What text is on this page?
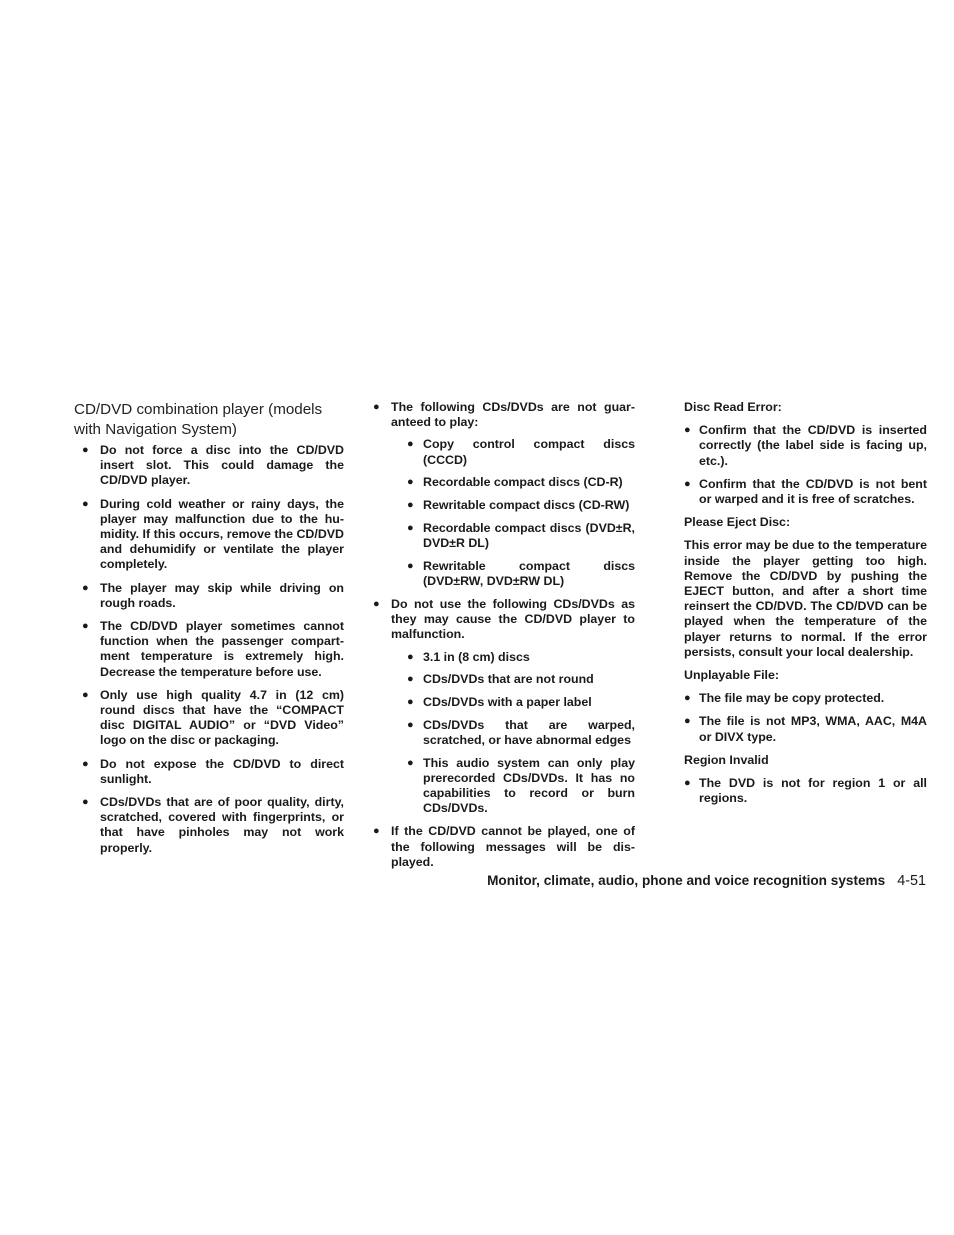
CD/DVD combination player (models with Navigation System)
● Do not force a disc into the CD/DVD insert slot. This could damage the CD/DVD player.
● During cold weather or rainy days, the player may malfunction due to the humidity. If this occurs, remove the CD/DVD and dehumidify or ventilate the player completely.
● The player may skip while driving on rough roads.
● The CD/DVD player sometimes cannot function when the passenger compartment temperature is extremely high. Decrease the temperature before use.
● Only use high quality 4.7 in (12 cm) round discs that have the “COMPACT disc DIGITAL AUDIO” or “DVD Video” logo on the disc or packaging.
● Do not expose the CD/DVD to direct sunlight.
● CDs/DVDs that are of poor quality, dirty, scratched, covered with fingerprints, or that have pinholes may not work properly.
● The following CDs/DVDs are not guaranteed to play:
● Copy control compact discs (CCCD)
● Recordable compact discs (CD-R)
● Rewritable compact discs (CD-RW)
● Recordable compact discs (DVD±R, DVD±R DL)
● Rewritable compact discs (DVD±RW, DVD±RW DL)
● Do not use the following CDs/DVDs as they may cause the CD/DVD player to malfunction.
● 3.1 in (8 cm) discs
● CDs/DVDs that are not round
● CDs/DVDs with a paper label
● CDs/DVDs that are warped, scratched, or have abnormal edges
● This audio system can only play prerecorded CDs/DVDs. It has no capabilities to record or burn CDs/DVDs.
● If the CD/DVD cannot be played, one of the following messages will be displayed.
Disc Read Error:
● Confirm that the CD/DVD is inserted correctly (the label side is facing up, etc.).
● Confirm that the CD/DVD is not bent or warped and it is free of scratches.
Please Eject Disc:
This error may be due to the temperature inside the player getting too high. Remove the CD/DVD by pushing the EJECT button, and after a short time reinsert the CD/DVD. The CD/DVD can be played when the temperature of the player returns to normal. If the error persists, consult your local dealership.
Unplayable File:
● The file may be copy protected.
● The file is not MP3, WMA, AAC, M4A or DIVX type.
Region Invalid
● The DVD is not for region 1 or all regions.
Monitor, climate, audio, phone and voice recognition systems 4-51
